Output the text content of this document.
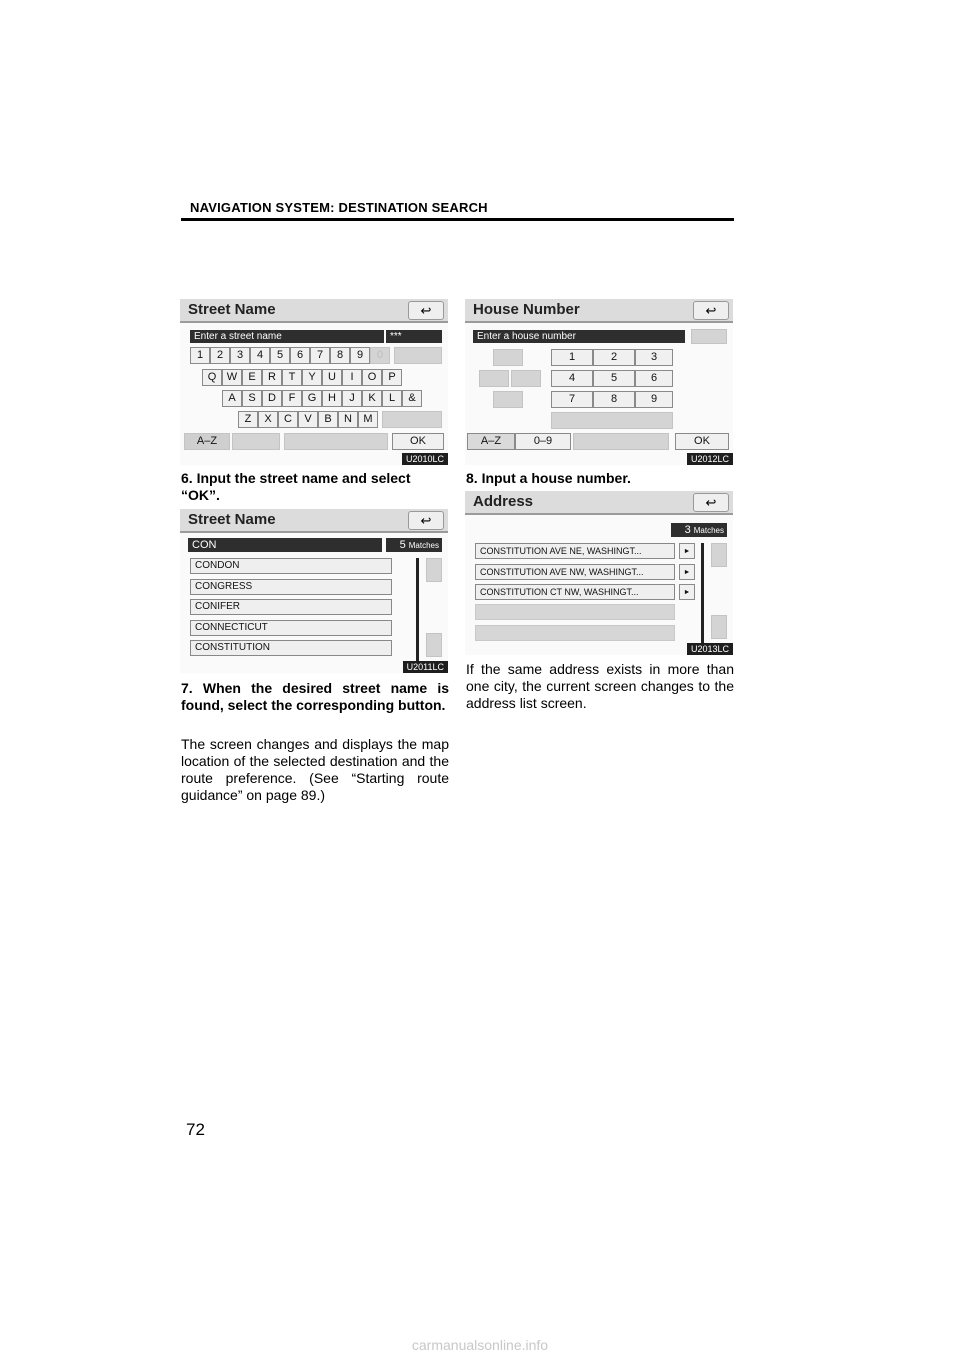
NAVIGATION SYSTEM: DESTINATION SEARCH
Street Name	↩
Enter a street name	***
1	2	3	4	5	6	7	8	9	0
Q W	E	R	T	Y	U	I	O	P
A	S	D	F	G	H	J	K	L	&
Z	X	C	V	B	N	M
A–Z	OK
U2010LC
House Number	↩
Enter a house number
1	2	3
4	5	6
7	8	9
A–Z	0–9	OK
U2012LC
6. Input the street name and select “OK”.
8. Input a house number.
Street Name	↩
CON	5 Matches
CONDON
CONGRESS
CONIFER
CONNECTICUT
CONSTITUTION
U2011LC
Address	↩
3 Matches
CONSTITUTION AVE NE, WASHINGT...	►
CONSTITUTION AVE NW, WASHINGT...	►
CONSTITUTION CT NW, WASHINGT...	►
U2013LC
7. When the desired street name is found, select the corresponding button.
The screen changes and displays the map location of the selected destination and the route preference. (See “Starting route guidance” on page 89.)
If the same address exists in more than one city, the current screen changes to the address list screen.
72
carmanualsonline.info
